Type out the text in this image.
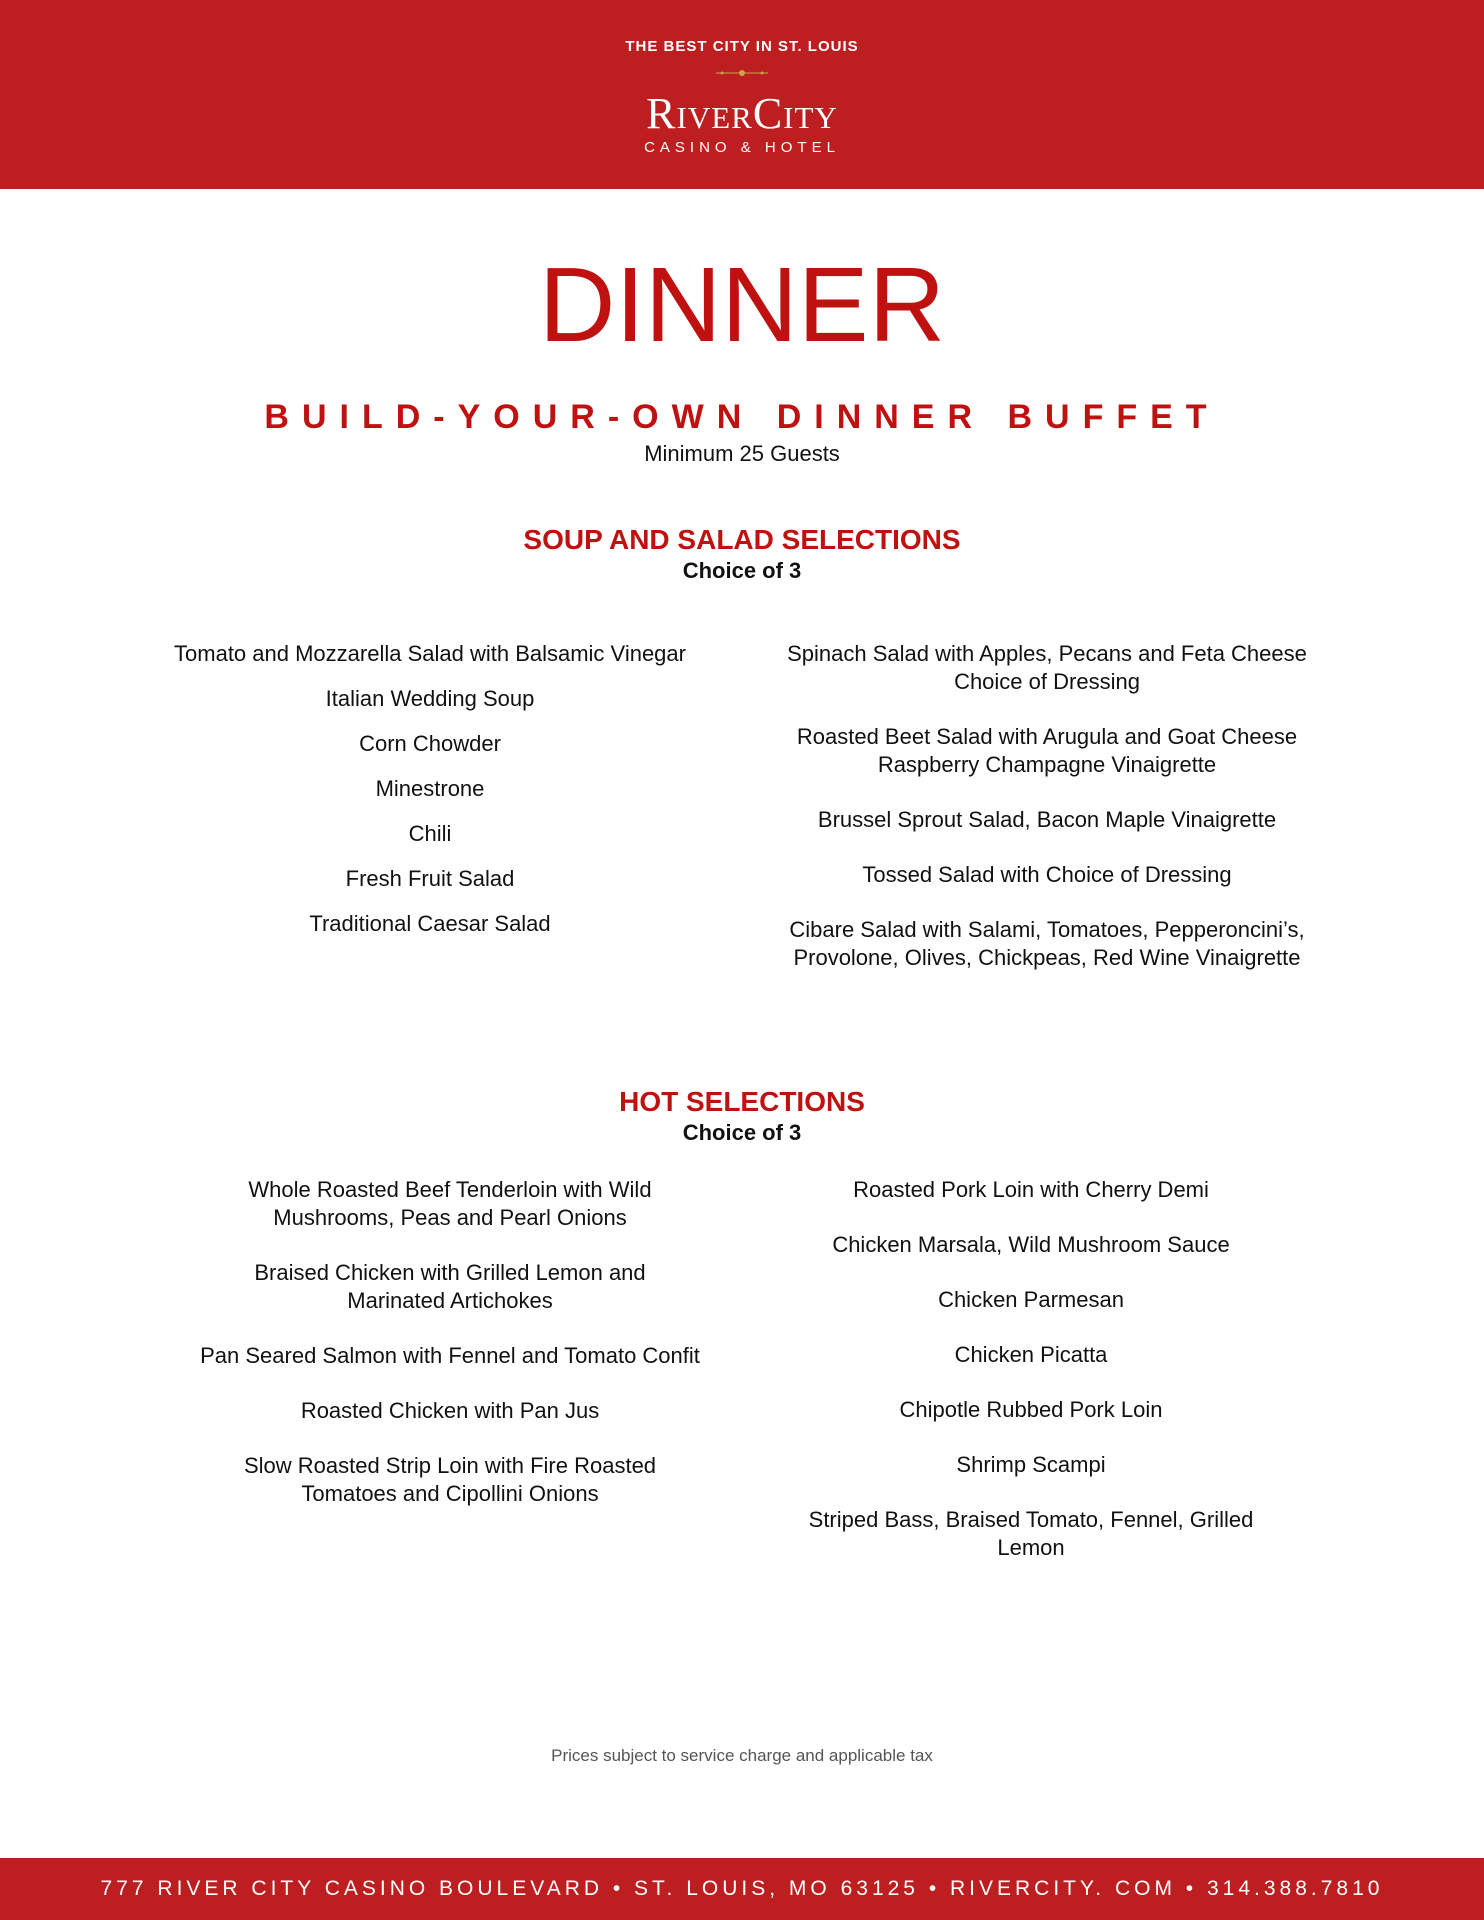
THE BEST CITY IN ST. LOUIS
RiverCity
CASINO & HOTEL
DINNER
BUILD-YOUR-OWN DINNER BUFFET
Minimum 25 Guests
SOUP AND SALAD SELECTIONS
Choice of 3
Tomato and Mozzarella Salad with Balsamic Vinegar
Italian Wedding Soup
Corn Chowder
Minestrone
Chili
Fresh Fruit Salad
Traditional Caesar Salad
Spinach Salad with Apples, Pecans and Feta Cheese
Choice of Dressing
Roasted Beet Salad with Arugula and Goat Cheese
Raspberry Champagne Vinaigrette
Brussel Sprout Salad, Bacon Maple Vinaigrette
Tossed Salad with Choice of Dressing
Cibare Salad with Salami, Tomatoes, Pepperoncini’s,
Provolone, Olives, Chickpeas, Red Wine Vinaigrette
HOT SELECTIONS
Choice of 3
Whole Roasted Beef Tenderloin with Wild
Mushrooms, Peas and Pearl Onions
Braised Chicken with Grilled Lemon and
Marinated Artichokes
Pan Seared Salmon with Fennel and Tomato Confit
Roasted Chicken with Pan Jus
Slow Roasted Strip Loin with Fire Roasted
Tomatoes and Cipollini Onions
Roasted Pork Loin with Cherry Demi
Chicken Marsala, Wild Mushroom Sauce
Chicken Parmesan
Chicken Picatta
Chipotle Rubbed Pork Loin
Shrimp Scampi
Striped Bass, Braised Tomato, Fennel, Grilled
Lemon
Prices subject to service charge and applicable tax
777 RIVER CITY CASINO BOULEVARD • ST. LOUIS, MO 63125 • RIVERCITY. COM • 314.388.7810
